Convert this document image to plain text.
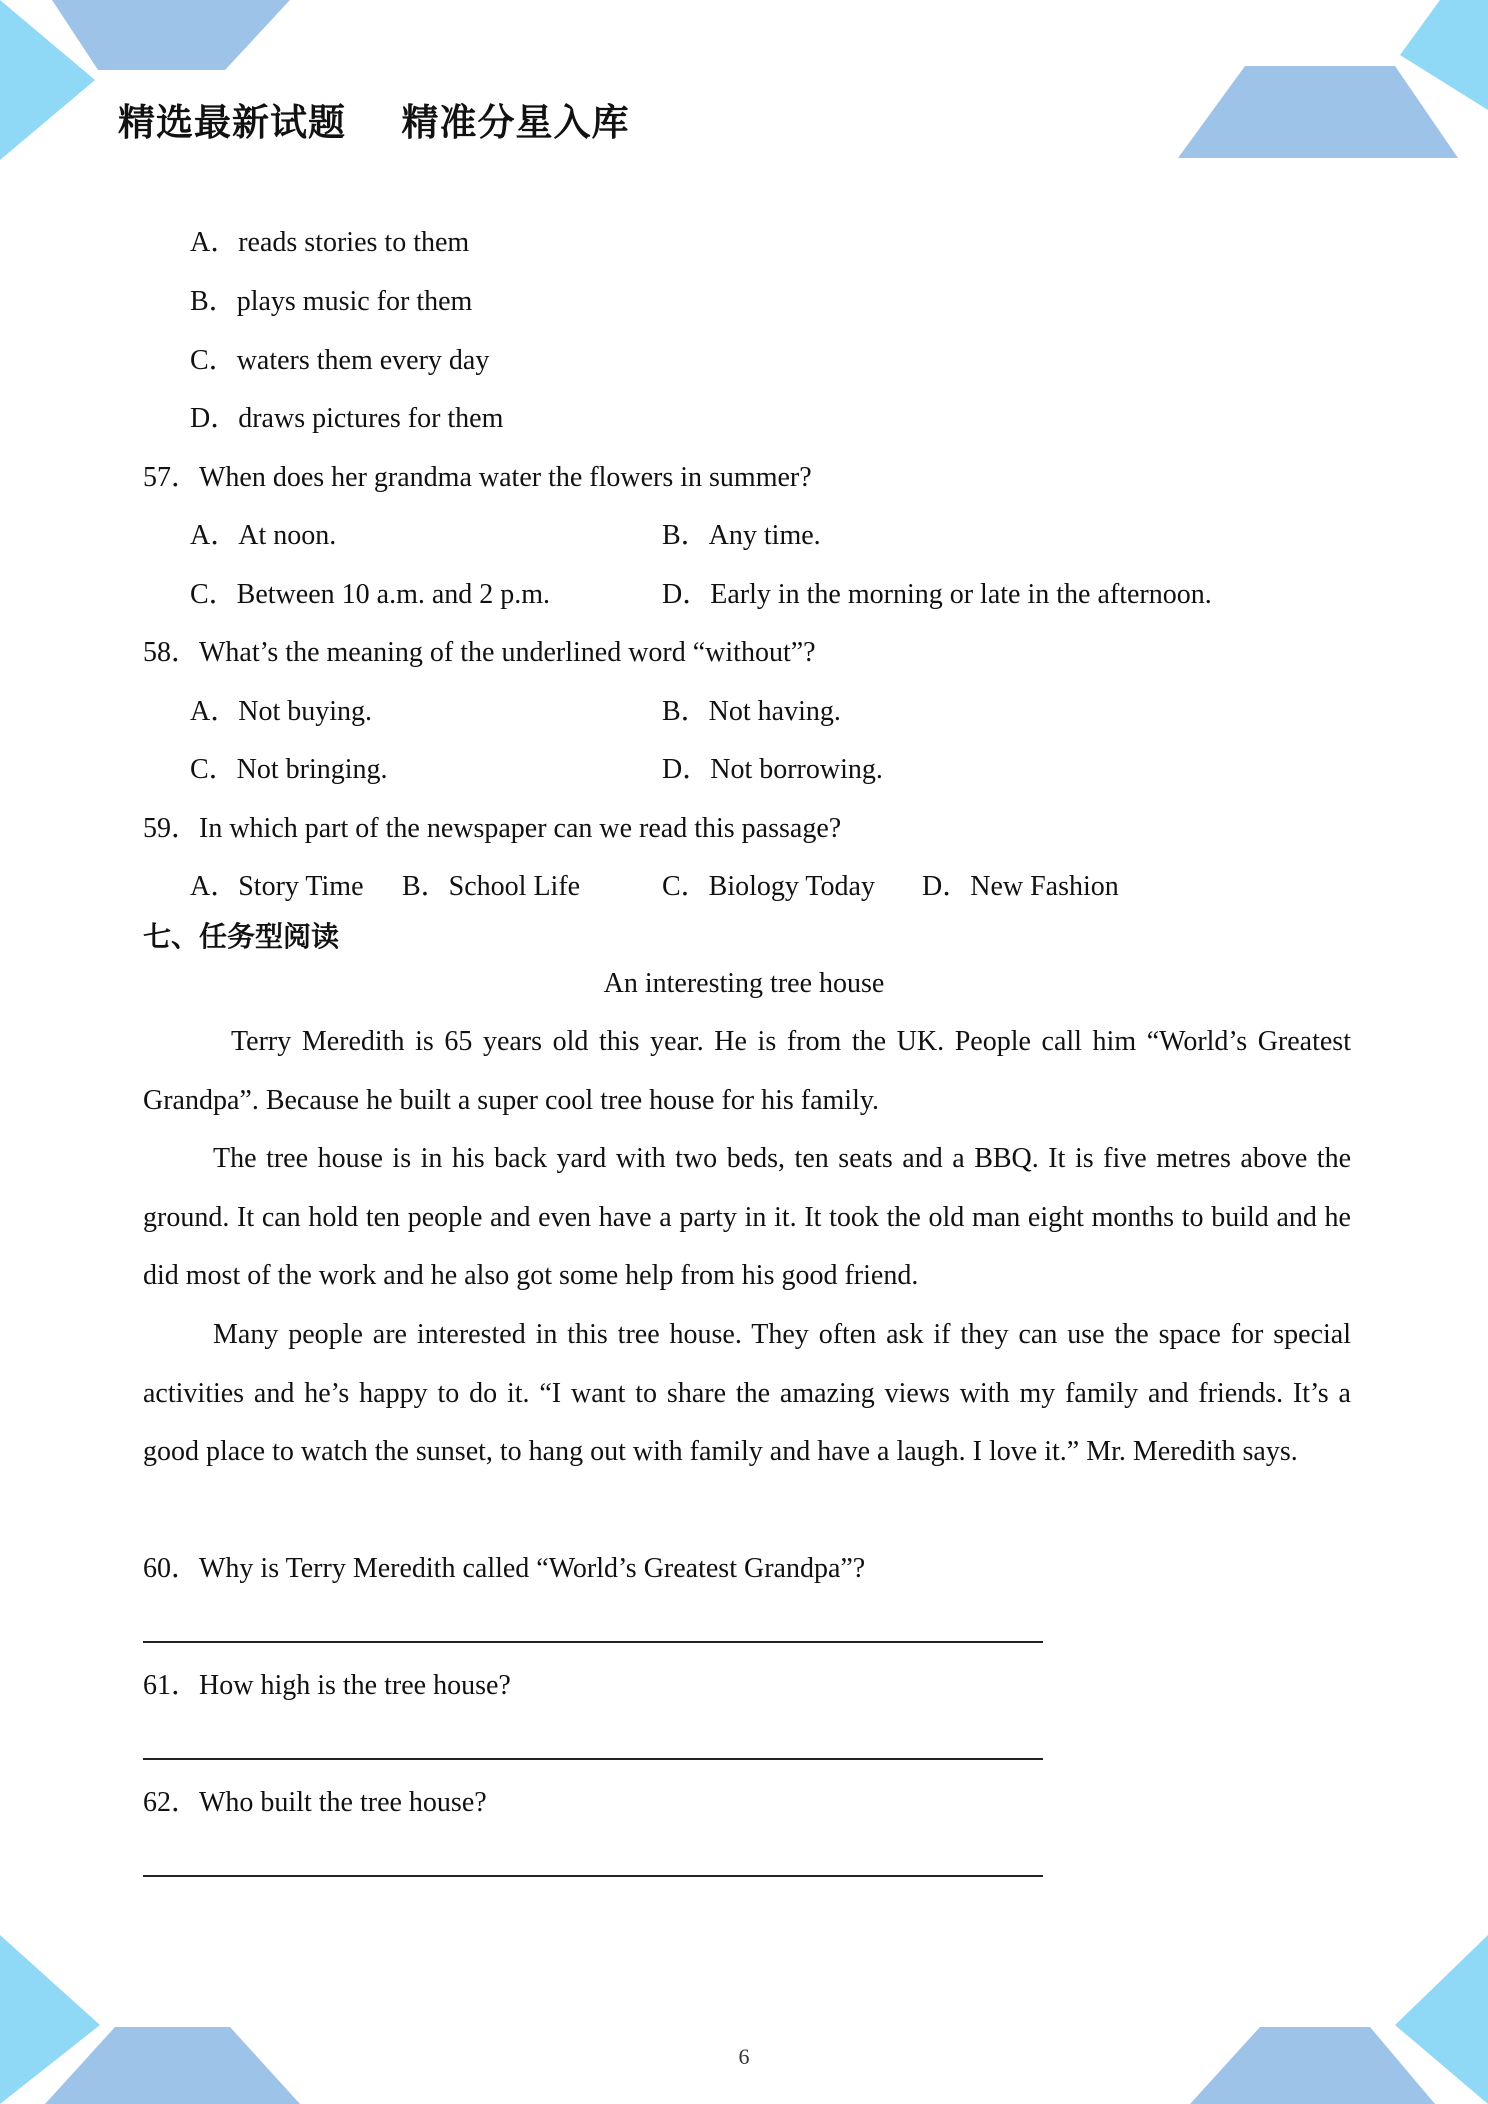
精选最新试题    精准分星入库
A．reads stories to them
B．plays music for them
C．waters them every day
D．draws pictures for them
57．When does her grandma water the flowers in summer?
A．At noon.	B．Any time.
C．Between 10 a.m. and 2 p.m.	D．Early in the morning or late in the afternoon.
58．What’s the meaning of the underlined word “without”?
A．Not buying.	B．Not having.
C．Not bringing.	D．Not borrowing.
59．In which part of the newspaper can we read this passage?
A．Story Time B．School Life	C．Biology Today D．New Fashion
七、任务型阅读
An interesting tree house
Terry Meredith is 65 years old this year. He is from the UK. People call him “World’s Greatest Grandpa”. Because he built a super cool tree house for his family.
The tree house is in his back yard with two beds, ten seats and a BBQ. It is five metres above the ground. It can hold ten people and even have a party in it. It took the old man eight months to build and he did most of the work and he also got some help from his good friend.
Many people are interested in this tree house. They often ask if they can use the space for special activities and he’s happy to do it. “I want to share the amazing views with my family and friends. It’s a good place to watch the sunset, to hang out with family and have a laugh. I love it.” Mr. Meredith says.
60．Why is Terry Meredith called “World’s Greatest Grandpa”?
61．How high is the tree house?
62．Who built the tree house?
6
